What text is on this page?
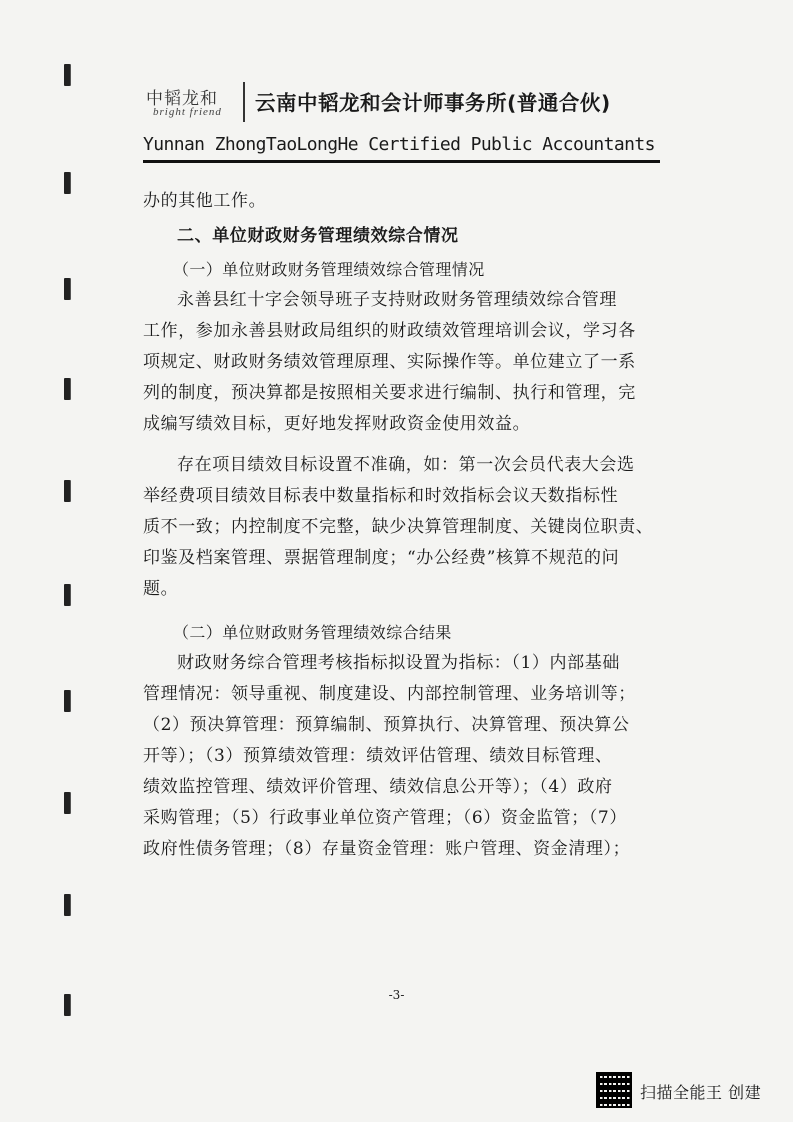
中韬龙和
bright friend 云南中韬龙和会计师事务所(普通合伙)
Yunnan ZhongTaoLongHe Certified Public Accountants

办的其他工作。

二、单位财政财务管理绩效综合情况
（一）单位财政财务管理绩效综合管理情况

永善县红十字会领导班子支持财政财务管理绩效综合管理
工作，参加永善县财政局组织的财政绩效管理培训会议，学习各
项规定、财政财务绩效管理原理、实际操作等。单位建立了一系
列的制度，预决算都是按照相关要求进行编制、执行和管理，完
成编写绩效目标，更好地发挥财政资金使用效益。

存在项目绩效目标设置不准确，如：第一次会员代表大会选
举经费项目绩效目标表中数量指标和时效指标会议天数指标性
质不一致；内控制度不完整，缺少决算管理制度、关键岗位职责、
印鉴及档案管理、票据管理制度；“办公经费”核算不规范的问
题。

（二）单位财政财务管理绩效综合结果

财政财务综合管理考核指标拟设置为指标：（1）内部基础
管理情况：领导重视、制度建设、内部控制管理、业务培训等；
（2）预决算管理：预算编制、预算执行、决算管理、预决算公
开等）；（3）预算绩效管理：绩效评估管理、绩效目标管理、
绩效监控管理、绩效评价管理、绩效信息公开等）；（4）政府
采购管理；（5）行政事业单位资产管理；（6）资金监管；（7）
政府性债务管理；（8）存量资金管理：账户管理、资金清理）；

-3-
扫描全能王 创建
